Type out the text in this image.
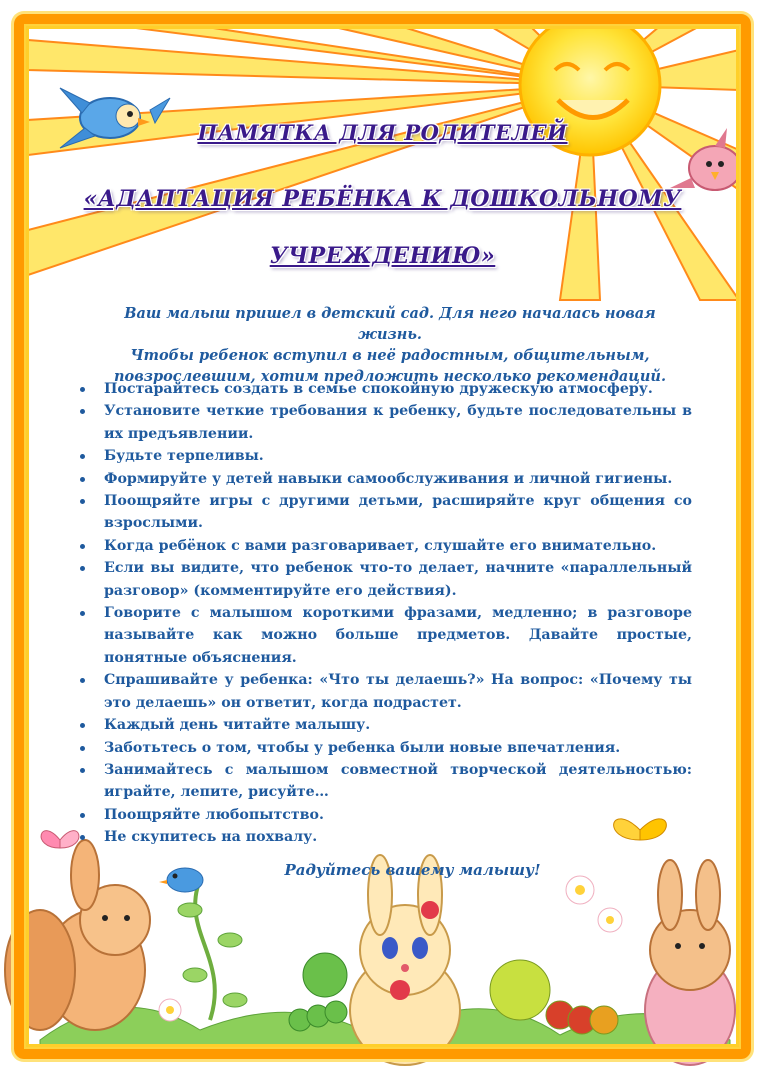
ПАМЯТКА ДЛЯ РОДИТЕЛЕЙ
«АДАПТАЦИЯ РЕБЁНКА К ДОШКОЛЬНОМУ
УЧРЕЖДЕНИЮ»
Ваш малыш пришел в детский сад. Для него началась новая жизнь.
Чтобы ребенок вступил в неё радостным, общительным,
повзрослевшим, хотим предложить несколько рекомендаций.
Постарайтесь создать в семье спокойную дружескую атмосферу.
Установите четкие требования к ребенку, будьте последовательны в их предъявлении.
Будьте терпеливы.
Формируйте у детей навыки самообслуживания и личной гигиены.
Поощряйте игры с другими детьми, расширяйте круг общения со взрослыми.
Когда ребёнок с вами разговаривает, слушайте его внимательно.
Если вы видите, что ребенок что-то делает, начните «параллельный разговор» (комментируйте его действия).
Говорите с малышом короткими фразами, медленно; в разговоре называйте как можно больше предметов. Давайте простые, понятные объяснения.
Спрашивайте у ребенка: «Что ты делаешь?» На вопрос: «Почему ты это делаешь» он ответит, когда подрастет.
Каждый день читайте малышу.
Заботьтесь о том, чтобы у ребенка были новые впечатления.
Занимайтесь с малышом совместной творческой деятельностью: играйте, лепите, рисуйте…
Поощряйте любопытство.
Не скупитесь на похвалу.
Радуйтесь вашему малышу!
